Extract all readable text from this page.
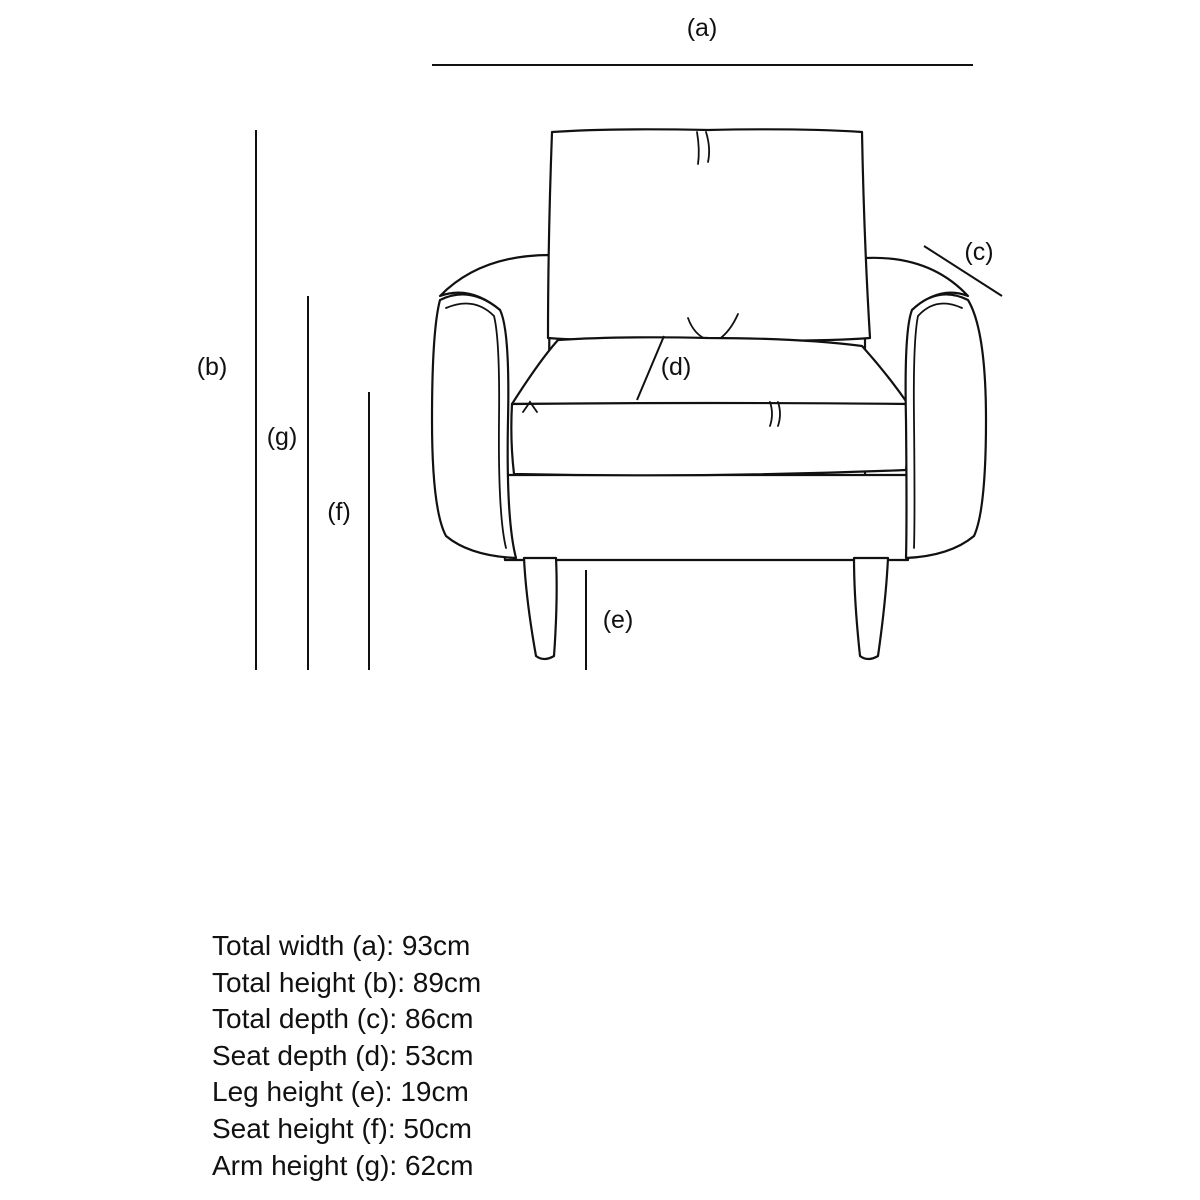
(a)
(b)
(g)
(f)
(c)
(e)
(d)
Total width (a): 93cm
Total height (b): 89cm
Total depth (c): 86cm
Seat depth (d): 53cm
Leg height (e): 19cm
Seat height (f): 50cm
Arm height (g): 62cm
